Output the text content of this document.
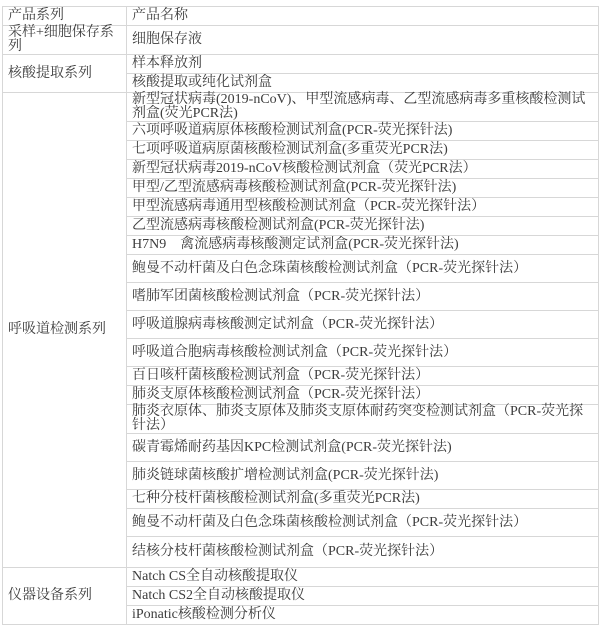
产品系列	产品名称
采样+细胞保存系列	细胞保存液
核酸提取系列	样本释放剂
	核酸提取或纯化试剂盒
呼吸道检测系列	新型冠状病毒(2019-nCoV)、甲型流感病毒、乙型流感病毒多重核酸检测试剂盒(荧光PCR法)
	六项呼吸道病原体核酸检测试剂盒(PCR-荧光探针法)
	七项呼吸道病原菌核酸检测试剂盒(多重荧光PCR法)
	新型冠状病毒2019-nCoV核酸检测试剂盒（荧光PCR法）
	甲型/乙型流感病毒核酸检测试剂盒(PCR-荧光探针法)
	甲型流感病毒通用型核酸检测试剂盒（PCR-荧光探针法）
	乙型流感病毒核酸检测试剂盒(PCR-荧光探针法)
	H7N9　禽流感病毒核酸测定试剂盒(PCR-荧光探针法)
	鲍曼不动杆菌及白色念珠菌核酸检测试剂盒（PCR-荧光探针法）
	嗜肺军团菌核酸检测试剂盒（PCR-荧光探针法）
	呼吸道腺病毒核酸测定试剂盒（PCR-荧光探针法）
	呼吸道合胞病毒核酸检测试剂盒（PCR-荧光探针法）
	百日咳杆菌核酸检测试剂盒（PCR-荧光探针法）
	肺炎支原体核酸检测试剂盒（PCR-荧光探针法）
	肺炎衣原体、肺炎支原体及肺炎支原体耐药突变检测试剂盒（PCR-荧光探针法）
	碳青霉烯耐药基因KPC检测试剂盒(PCR-荧光探针法)
	肺炎链球菌核酸扩增检测试剂盒(PCR-荧光探针法)
	七种分枝杆菌核酸检测试剂盒(多重荧光PCR法)
	鲍曼不动杆菌及白色念珠菌核酸检测试剂盒（PCR-荧光探针法）
	结核分枝杆菌核酸检测试剂盒（PCR-荧光探针法）
仪器设备系列	Natch CS全自动核酸提取仪
	Natch CS2全自动核酸提取仪
	iPonatic核酸检测分析仪
